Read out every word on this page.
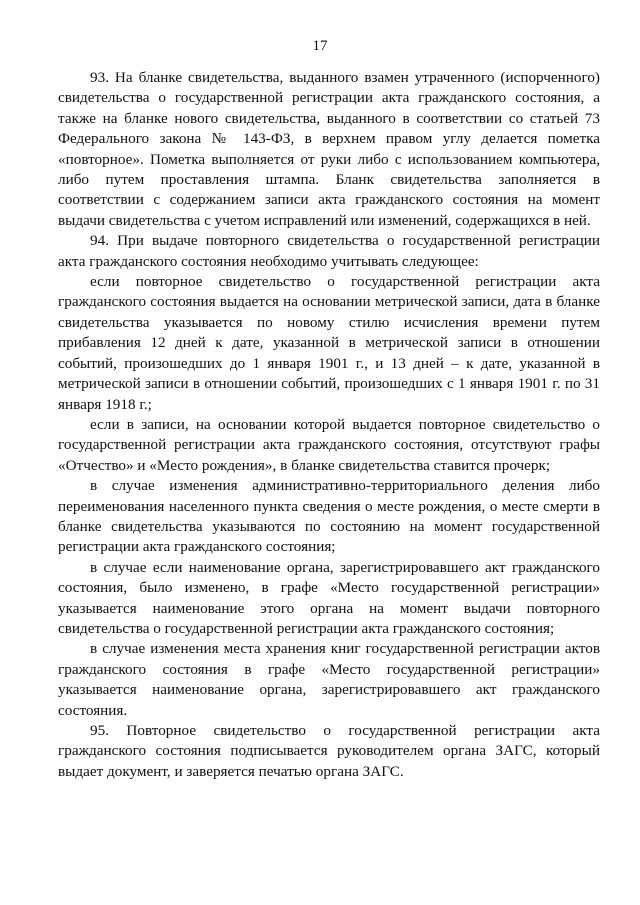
17

93. На бланке свидетельства, выданного взамен утраченного (испорченного) свидетельства о государственной регистрации акта гражданского состояния, а также на бланке нового свидетельства, выданного в соответствии со статьей 73 Федерального закона № 143-ФЗ, в верхнем правом углу делается пометка «повторное». Пометка выполняется от руки либо с использованием компьютера, либо путем проставления штампа. Бланк свидетельства заполняется в соответствии с содержанием записи акта гражданского состояния на момент выдачи свидетельства с учетом исправлений или изменений, содержащихся в ней.

94. При выдаче повторного свидетельства о государственной регистрации акта гражданского состояния необходимо учитывать следующее:

если повторное свидетельство о государственной регистрации акта гражданского состояния выдается на основании метрической записи, дата в бланке свидетельства указывается по новому стилю исчисления времени путем прибавления 12 дней к дате, указанной в метрической записи в отношении событий, произошедших до 1 января 1901 г., и 13 дней – к дате, указанной в метрической записи в отношении событий, произошедших с 1 января 1901 г. по 31 января 1918 г.;

если в записи, на основании которой выдается повторное свидетельство о государственной регистрации акта гражданского состояния, отсутствуют графы «Отчество» и «Место рождения», в бланке свидетельства ставится прочерк;

в случае изменения административно-территориального деления либо переименования населенного пункта сведения о месте рождения, о месте смерти в бланке свидетельства указываются по состоянию на момент государственной регистрации акта гражданского состояния;

в случае если наименование органа, зарегистрировавшего акт гражданского состояния, было изменено, в графе «Место государственной регистрации» указывается наименование этого органа на момент выдачи повторного свидетельства о государственной регистрации акта гражданского состояния;

в случае изменения места хранения книг государственной регистрации актов гражданского состояния в графе «Место государственной регистрации» указывается наименование органа, зарегистрировавшего акт гражданского состояния.

95. Повторное свидетельство о государственной регистрации акта гражданского состояния подписывается руководителем органа ЗАГС, который выдает документ, и заверяется печатью органа ЗАГС.
